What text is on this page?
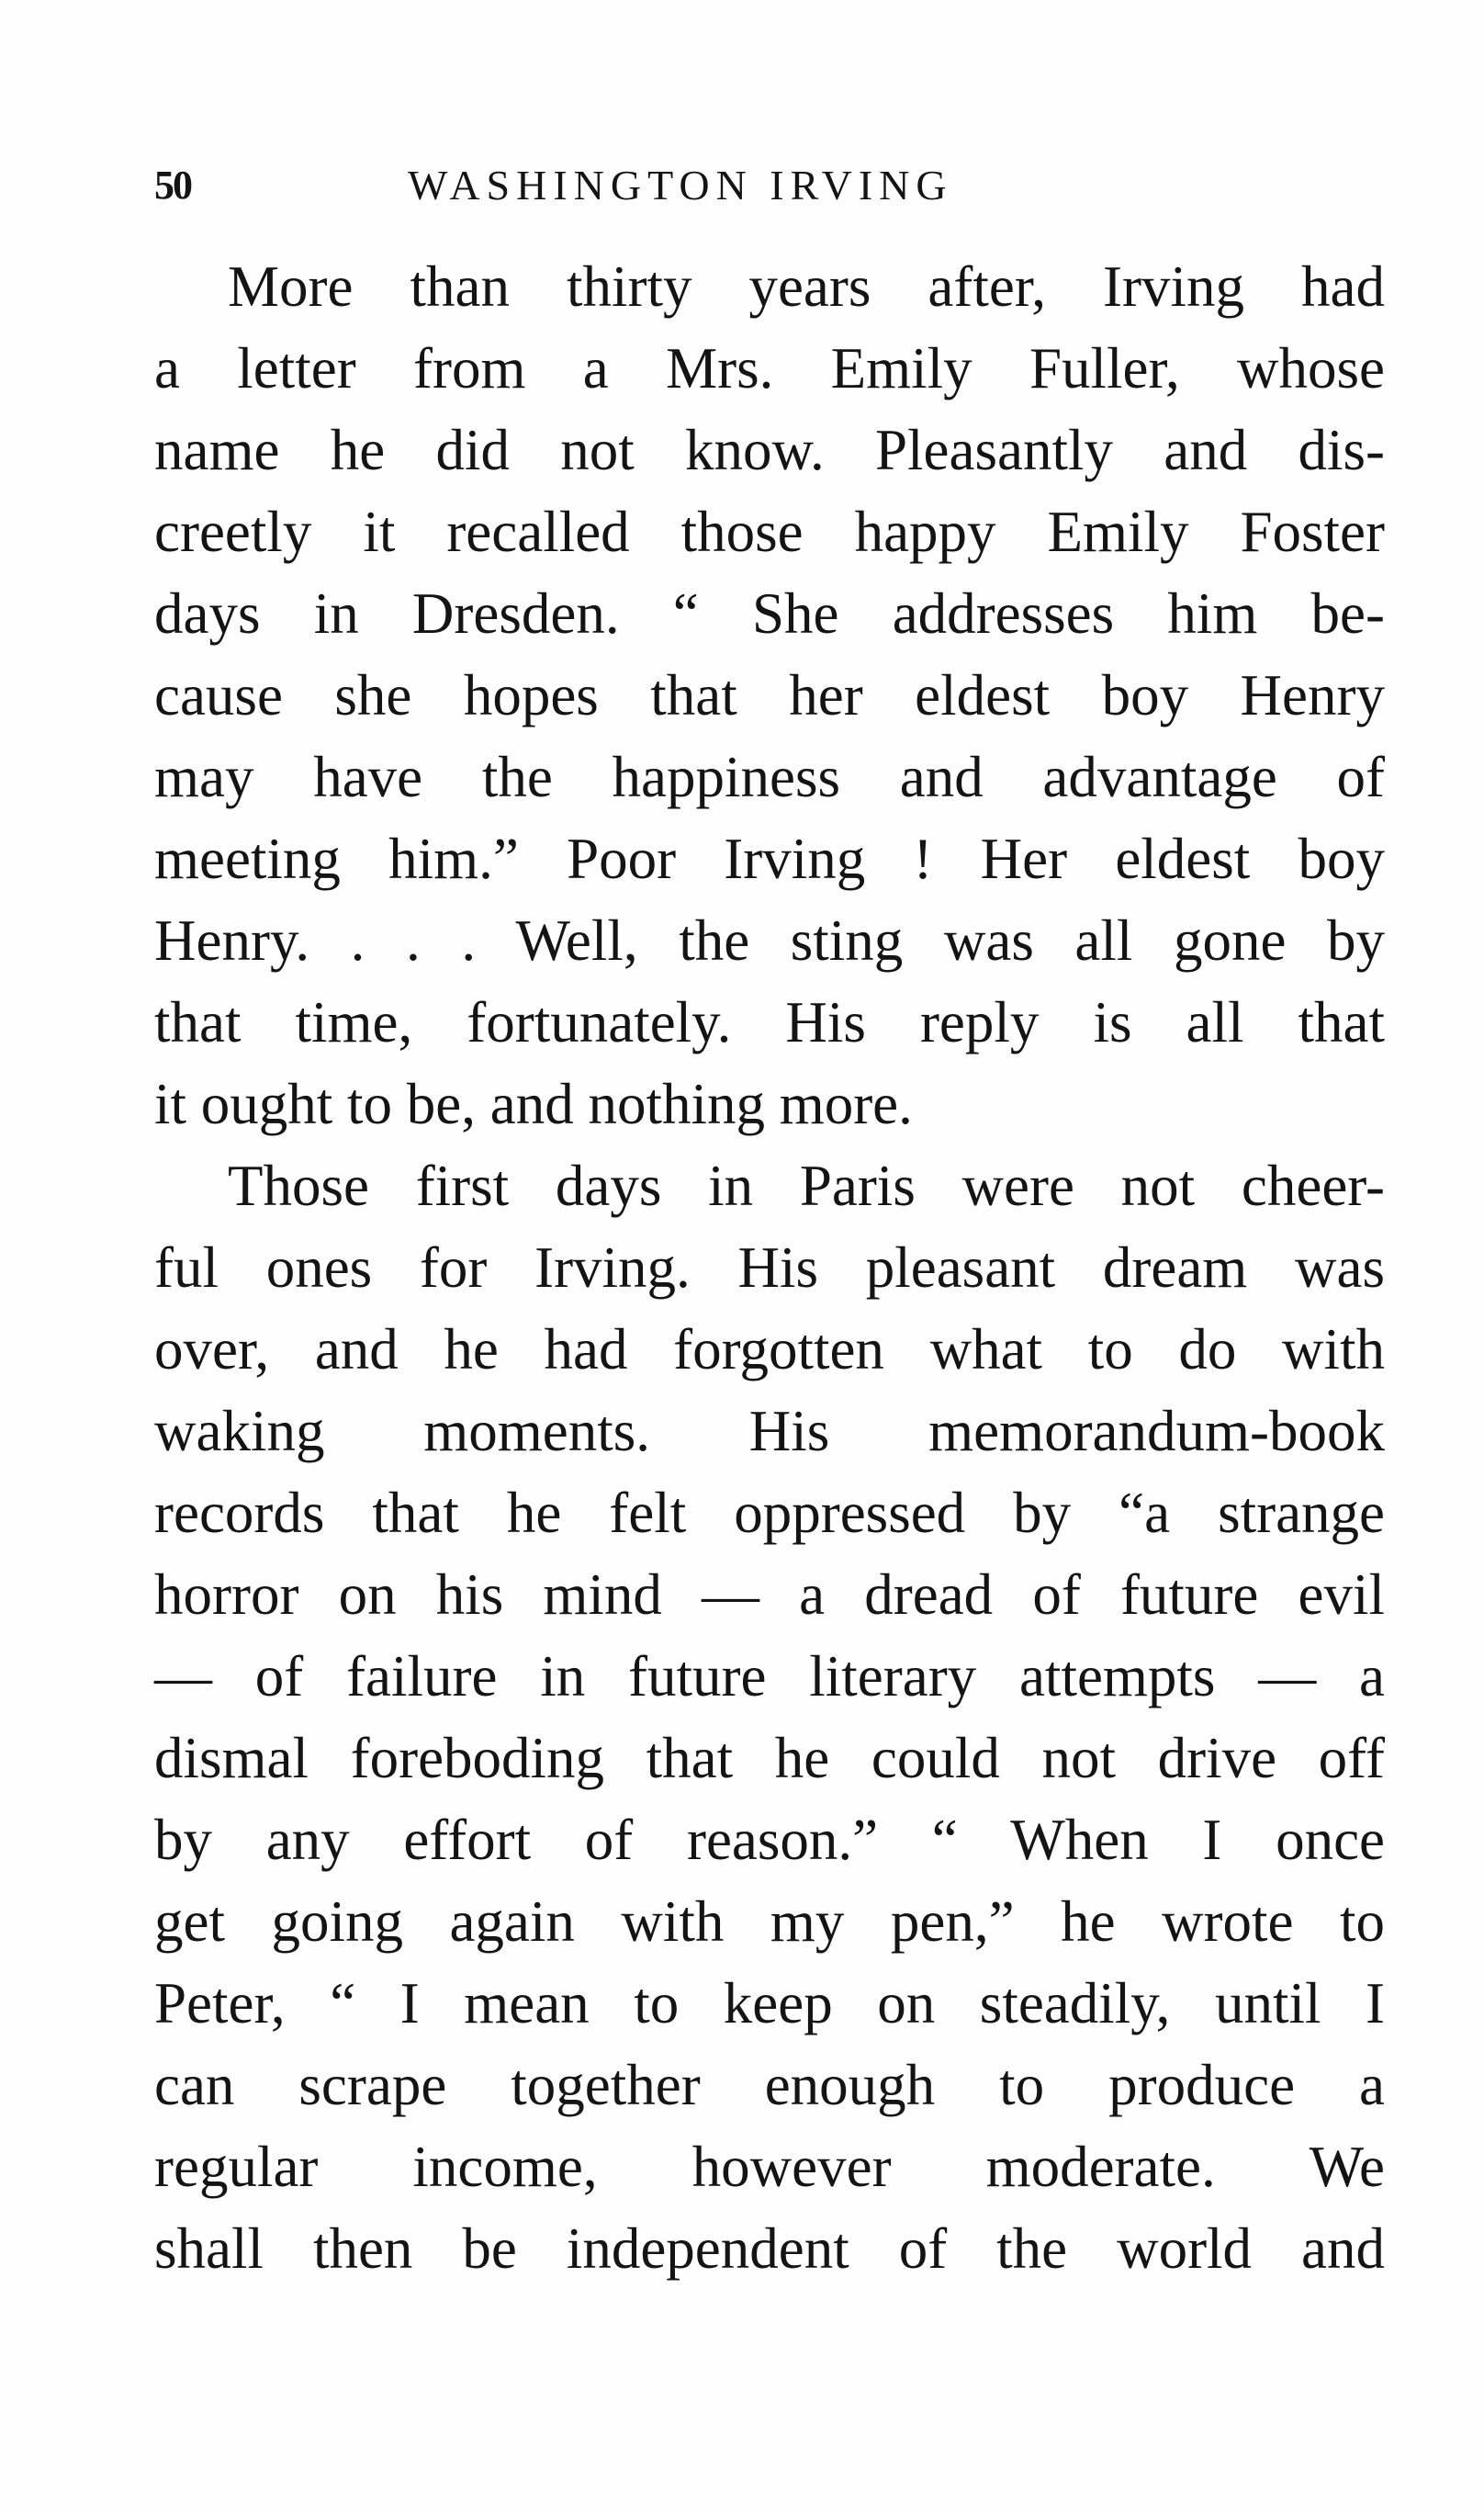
50	WASHINGTON IRVING
More than thirty years after, Irving had
a letter from a Mrs. Emily Fuller, whose
name he did not know. Pleasantly and dis-
creetly it recalled those happy Emily Foster
days in Dresden. “ She addresses him be-
cause she hopes that her eldest boy Henry
may have the happiness and advantage of
meeting him.” Poor Irving ! Her eldest boy
Henry. . . . Well, the sting was all gone by
that time, fortunately. His reply is all that
it ought to be, and nothing more.
Those first days in Paris were not cheer-
ful ones for Irving. His pleasant dream was
over, and he had forgotten what to do with
waking moments. His memorandum-book
records that he felt oppressed by “a strange
horror on his mind — a dread of future evil
— of failure in future literary attempts — a
dismal foreboding that he could not drive off
by any effort of reason.” “ When I once
get going again with my pen,” he wrote to
Peter, “ I mean to keep on steadily, until I
can scrape together enough to produce a
regular income, however moderate. We
shall then be independent of the world and
